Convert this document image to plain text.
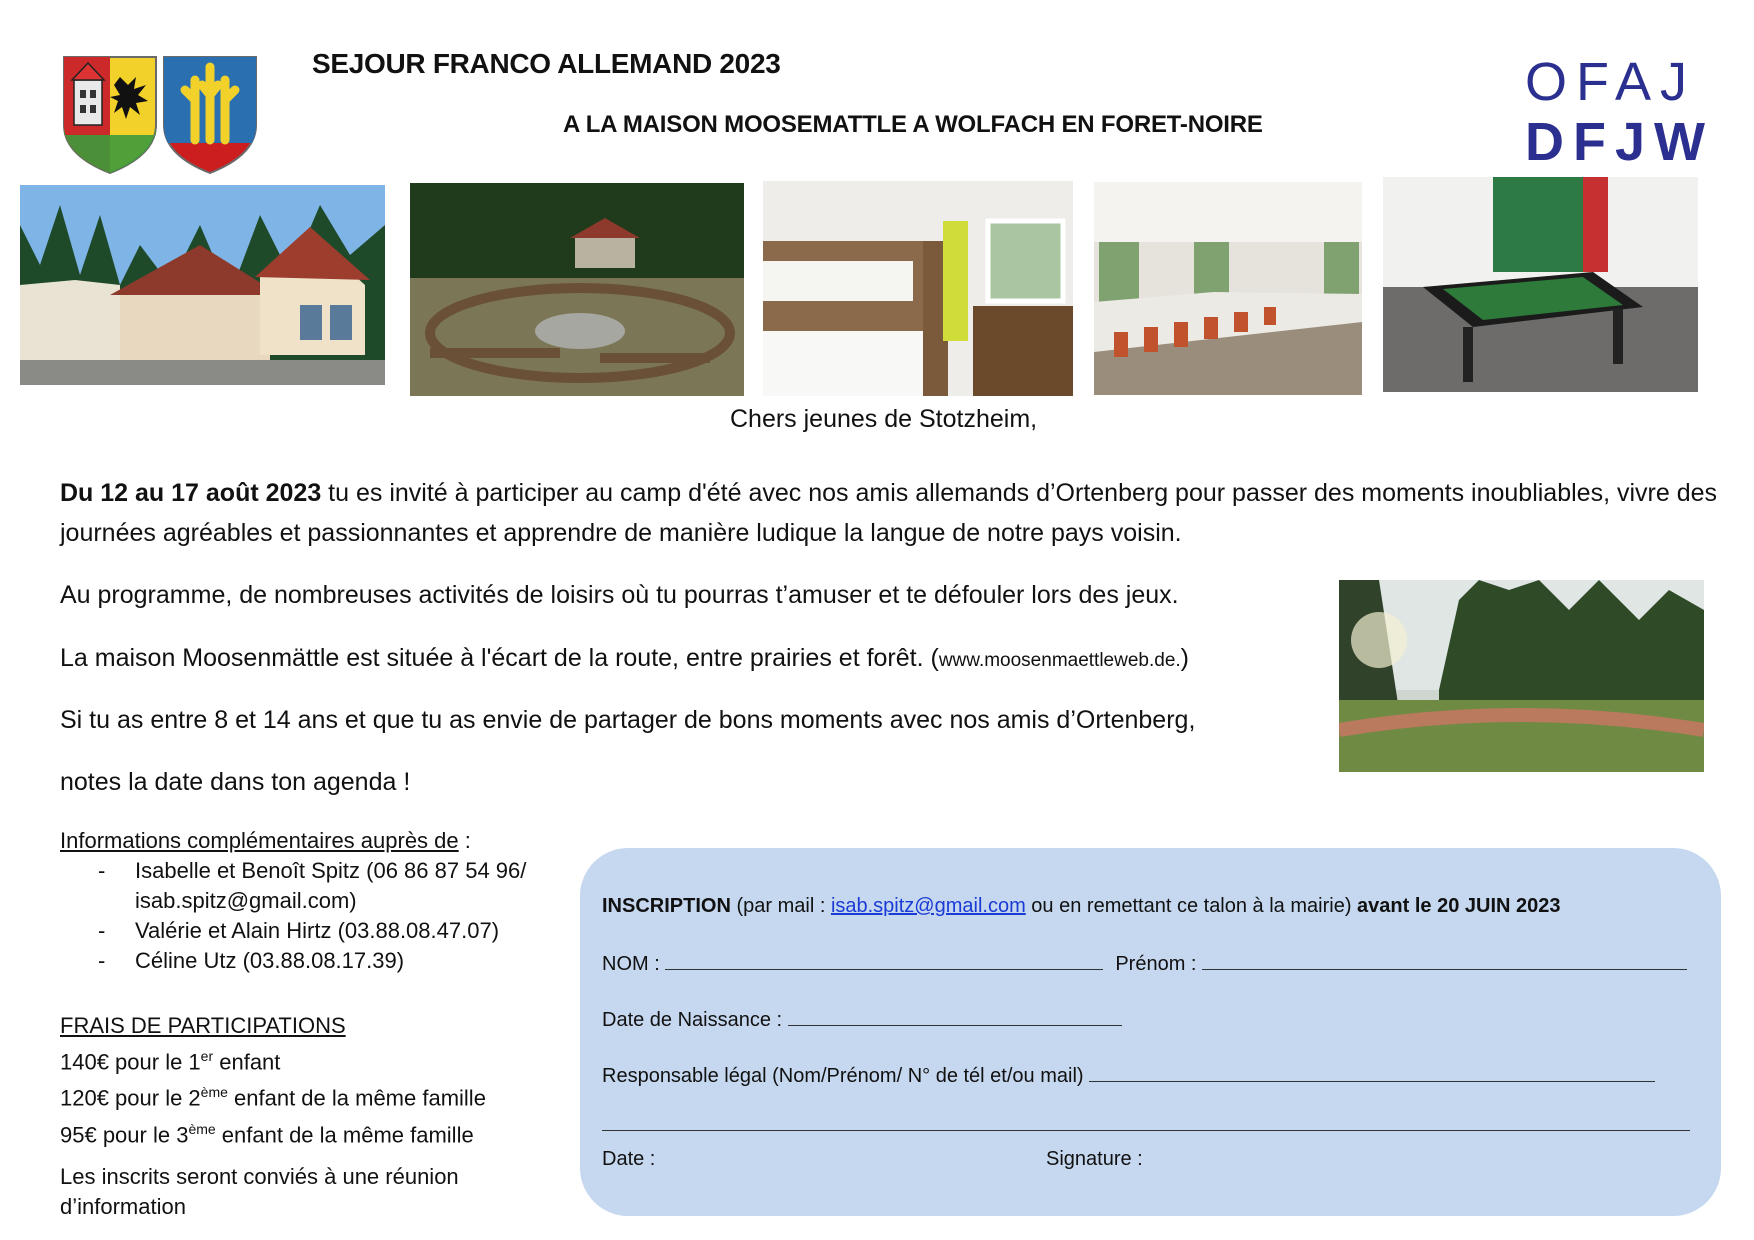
SEJOUR FRANCO ALLEMAND 2023
A LA MAISON MOOSEMATTLE A WOLFACH EN FORET-NOIRE
OFAJ
DFJW
Chers jeunes de Stotzheim,
Du 12 au 17 août 2023 tu es invité à participer au camp d'été avec nos amis allemands d’Ortenberg pour passer des moments inoubliables, vivre des journées agréables et passionnantes et apprendre de manière ludique la langue de notre pays voisin.
Au programme, de nombreuses activités de loisirs où tu pourras t’amuser et te défouler lors des jeux.
La maison Moosenmättle est située à l'écart de la route, entre prairies et forêt. (www.moosenmaettleweb.de.)
Si tu as entre 8 et 14 ans et que tu as envie de partager de bons moments avec nos amis d’Ortenberg,
notes la date dans ton agenda !
Informations complémentaires auprès de :
- Isabelle et Benoît Spitz (06 86 87 54 96/ isab.spitz@gmail.com)
- Valérie et Alain Hirtz (03.88.08.47.07)
- Céline Utz (03.88.08.17.39)
FRAIS DE PARTICIPATIONS
140€ pour le 1er enfant
120€ pour le 2ème enfant de la même famille
95€ pour le 3ème enfant de la même famille
Les inscrits seront conviés à une réunion d’information
INSCRIPTION (par mail : isab.spitz@gmail.com ou en remettant ce talon à la mairie) avant le 20 JUIN 2023
NOM :	Prénom :
Date de Naissance :
Responsable légal (Nom/Prénom/ N° de tél et/ou mail)
Date :	Signature :
